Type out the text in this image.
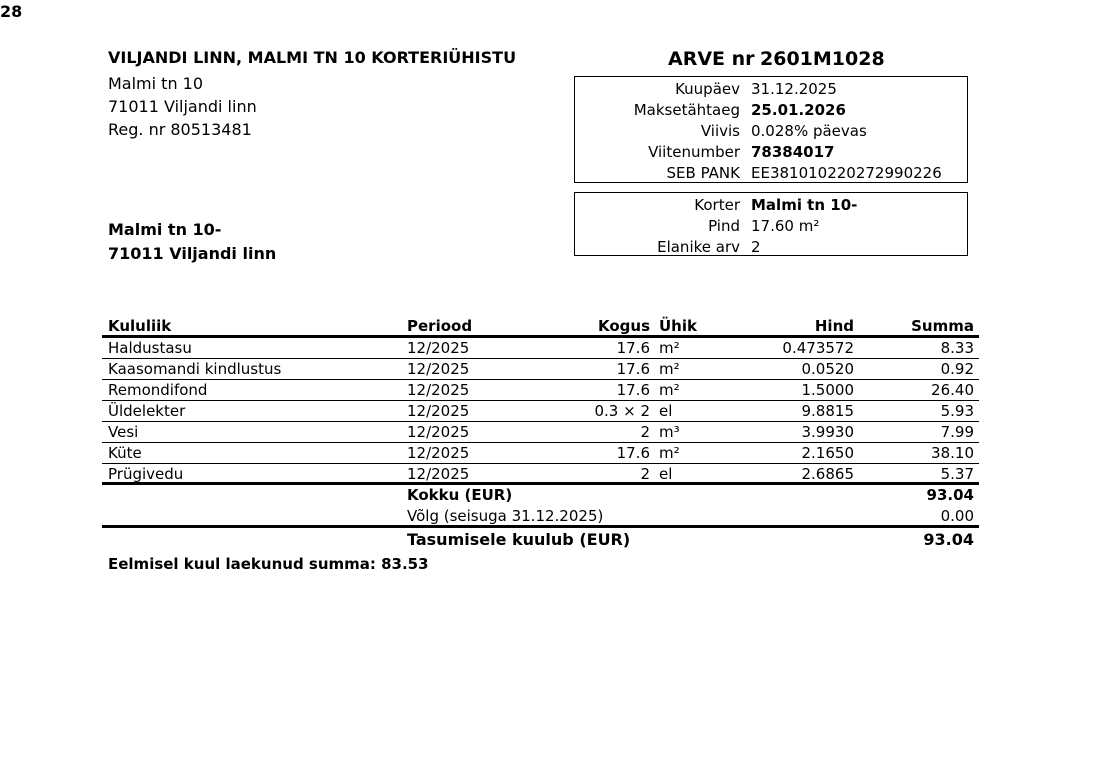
28
VILJANDI LINN, MALMI TN 10 KORTERIÜHISTU
Malmi tn 10
71011 Viljandi linn
Reg. nr 80513481
Malmi tn 10-
71011 Viljandi linn
ARVE nr 2601M1028
Kuupäev 31.12.2025
Maksetähtaeg 25.01.2026
Viivis 0.028% päevas
Viitenumber 78384017
SEB PANK EE381010220272990226
Korter Malmi tn 10-
Pind 17.60 m²
Elanike arv 2
Kululiik	Periood	Kogus Ühik	Hind	Summa
Haldustasu	12/2025	17.6 m²	0.473572	8.33
Kaasomandi kindlustus	12/2025	17.6 m²	0.0520	0.92
Remondifond	12/2025	17.6 m²	1.5000	26.40
Üldelekter	12/2025	0.3 × 2 el	9.8815	5.93
Vesi	12/2025	2 m³	3.9930	7.99
Küte	12/2025	17.6 m²	2.1650	38.10
Prügivedu	12/2025	2 el	2.6865	5.37
Kokku (EUR)	93.04
Võlg (seisuga 31.12.2025)	0.00
Tasumisele kuulub (EUR)	93.04
Eelmisel kuul laekunud summa: 83.53
